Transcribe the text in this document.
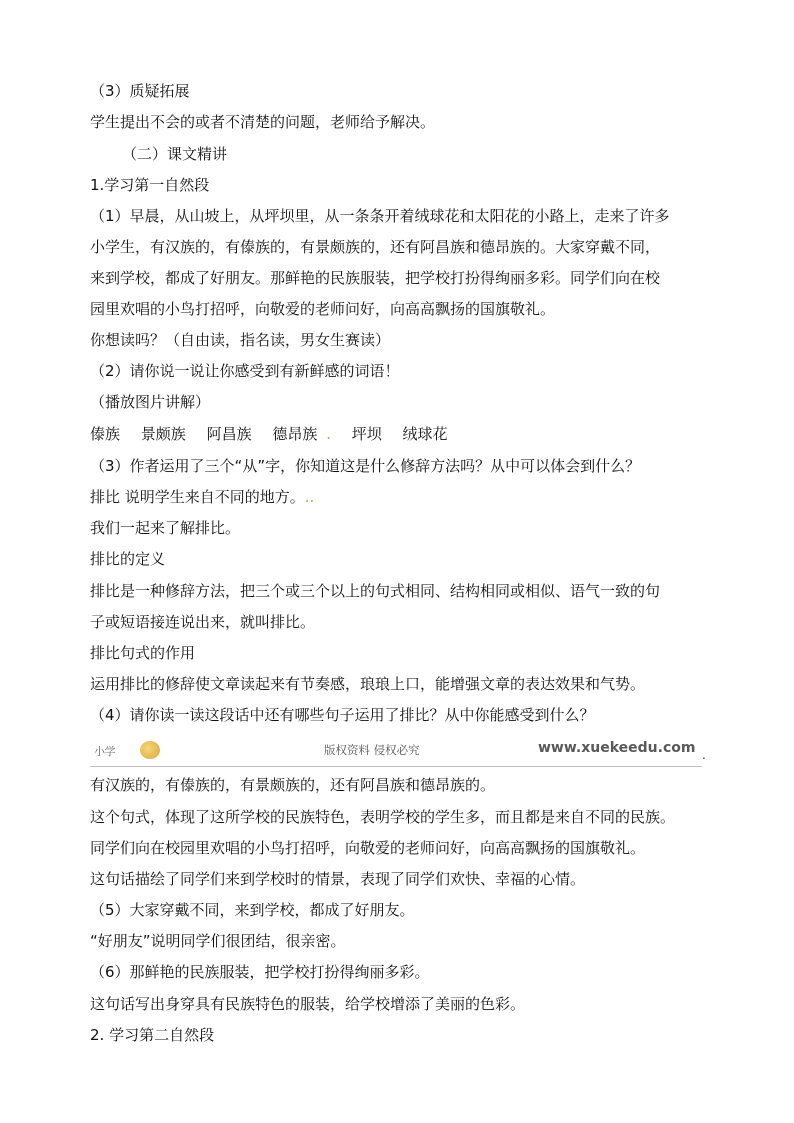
（3）质疑拓展
学生提出不会的或者不清楚的问题，老师给予解决。
（二）课文精讲
1.学习第一自然段
（1）早晨，从山坡上，从坪坝里，从一条条开着绒球花和太阳花的小路上，走来了许多
小学生，有汉族的，有傣族的，有景颇族的，还有阿昌族和德昂族的。大家穿戴不同，
来到学校，都成了好朋友。那鲜艳的民族服装，把学校打扮得绚丽多彩。同学们向在校
园里欢唱的小鸟打招呼，向敬爱的老师问好，向高高飘扬的国旗敬礼。
你想读吗？（自由读，指名读，男女生赛读）
（2）请你说一说让你感受到有新鲜感的词语！
（播放图片讲解）
傣族 景颇族 阿昌族 德昂族 . 坪坝 绒球花
（3）作者运用了三个“从”字，你知道这是什么修辞方法吗？从中可以体会到什么？
排比 说明学生来自不同的地方。..
我们一起来了解排比。
排比的定义
排比是一种修辞方法，把三个或三个以上的句式相同、结构相同或相似、语气一致的句
子或短语接连说出来，就叫排比。
排比句式的作用
运用排比的修辞使文章读起来有节奏感，琅琅上口，能增强文章的表达效果和气势。
（4）请你读一读这段话中还有哪些句子运用了排比？从中你能感受到什么？
小学	版权资料 侵权必究	www.xuekeedu.com .
有汉族的，有傣族的，有景颇族的，还有阿昌族和德昂族的。
这个句式，体现了这所学校的民族特色，表明学校的学生多，而且都是来自不同的民族。
同学们向在校园里欢唱的小鸟打招呼，向敬爱的老师问好，向高高飘扬的国旗敬礼。
这句话描绘了同学们来到学校时的情景，表现了同学们欢快、幸福的心情。
（5）大家穿戴不同，来到学校，都成了好朋友。
“好朋友”说明同学们很团结，很亲密。
（6）那鲜艳的民族服装，把学校打扮得绚丽多彩。
这句话写出身穿具有民族特色的服装，给学校增添了美丽的色彩。
2. 学习第二自然段
